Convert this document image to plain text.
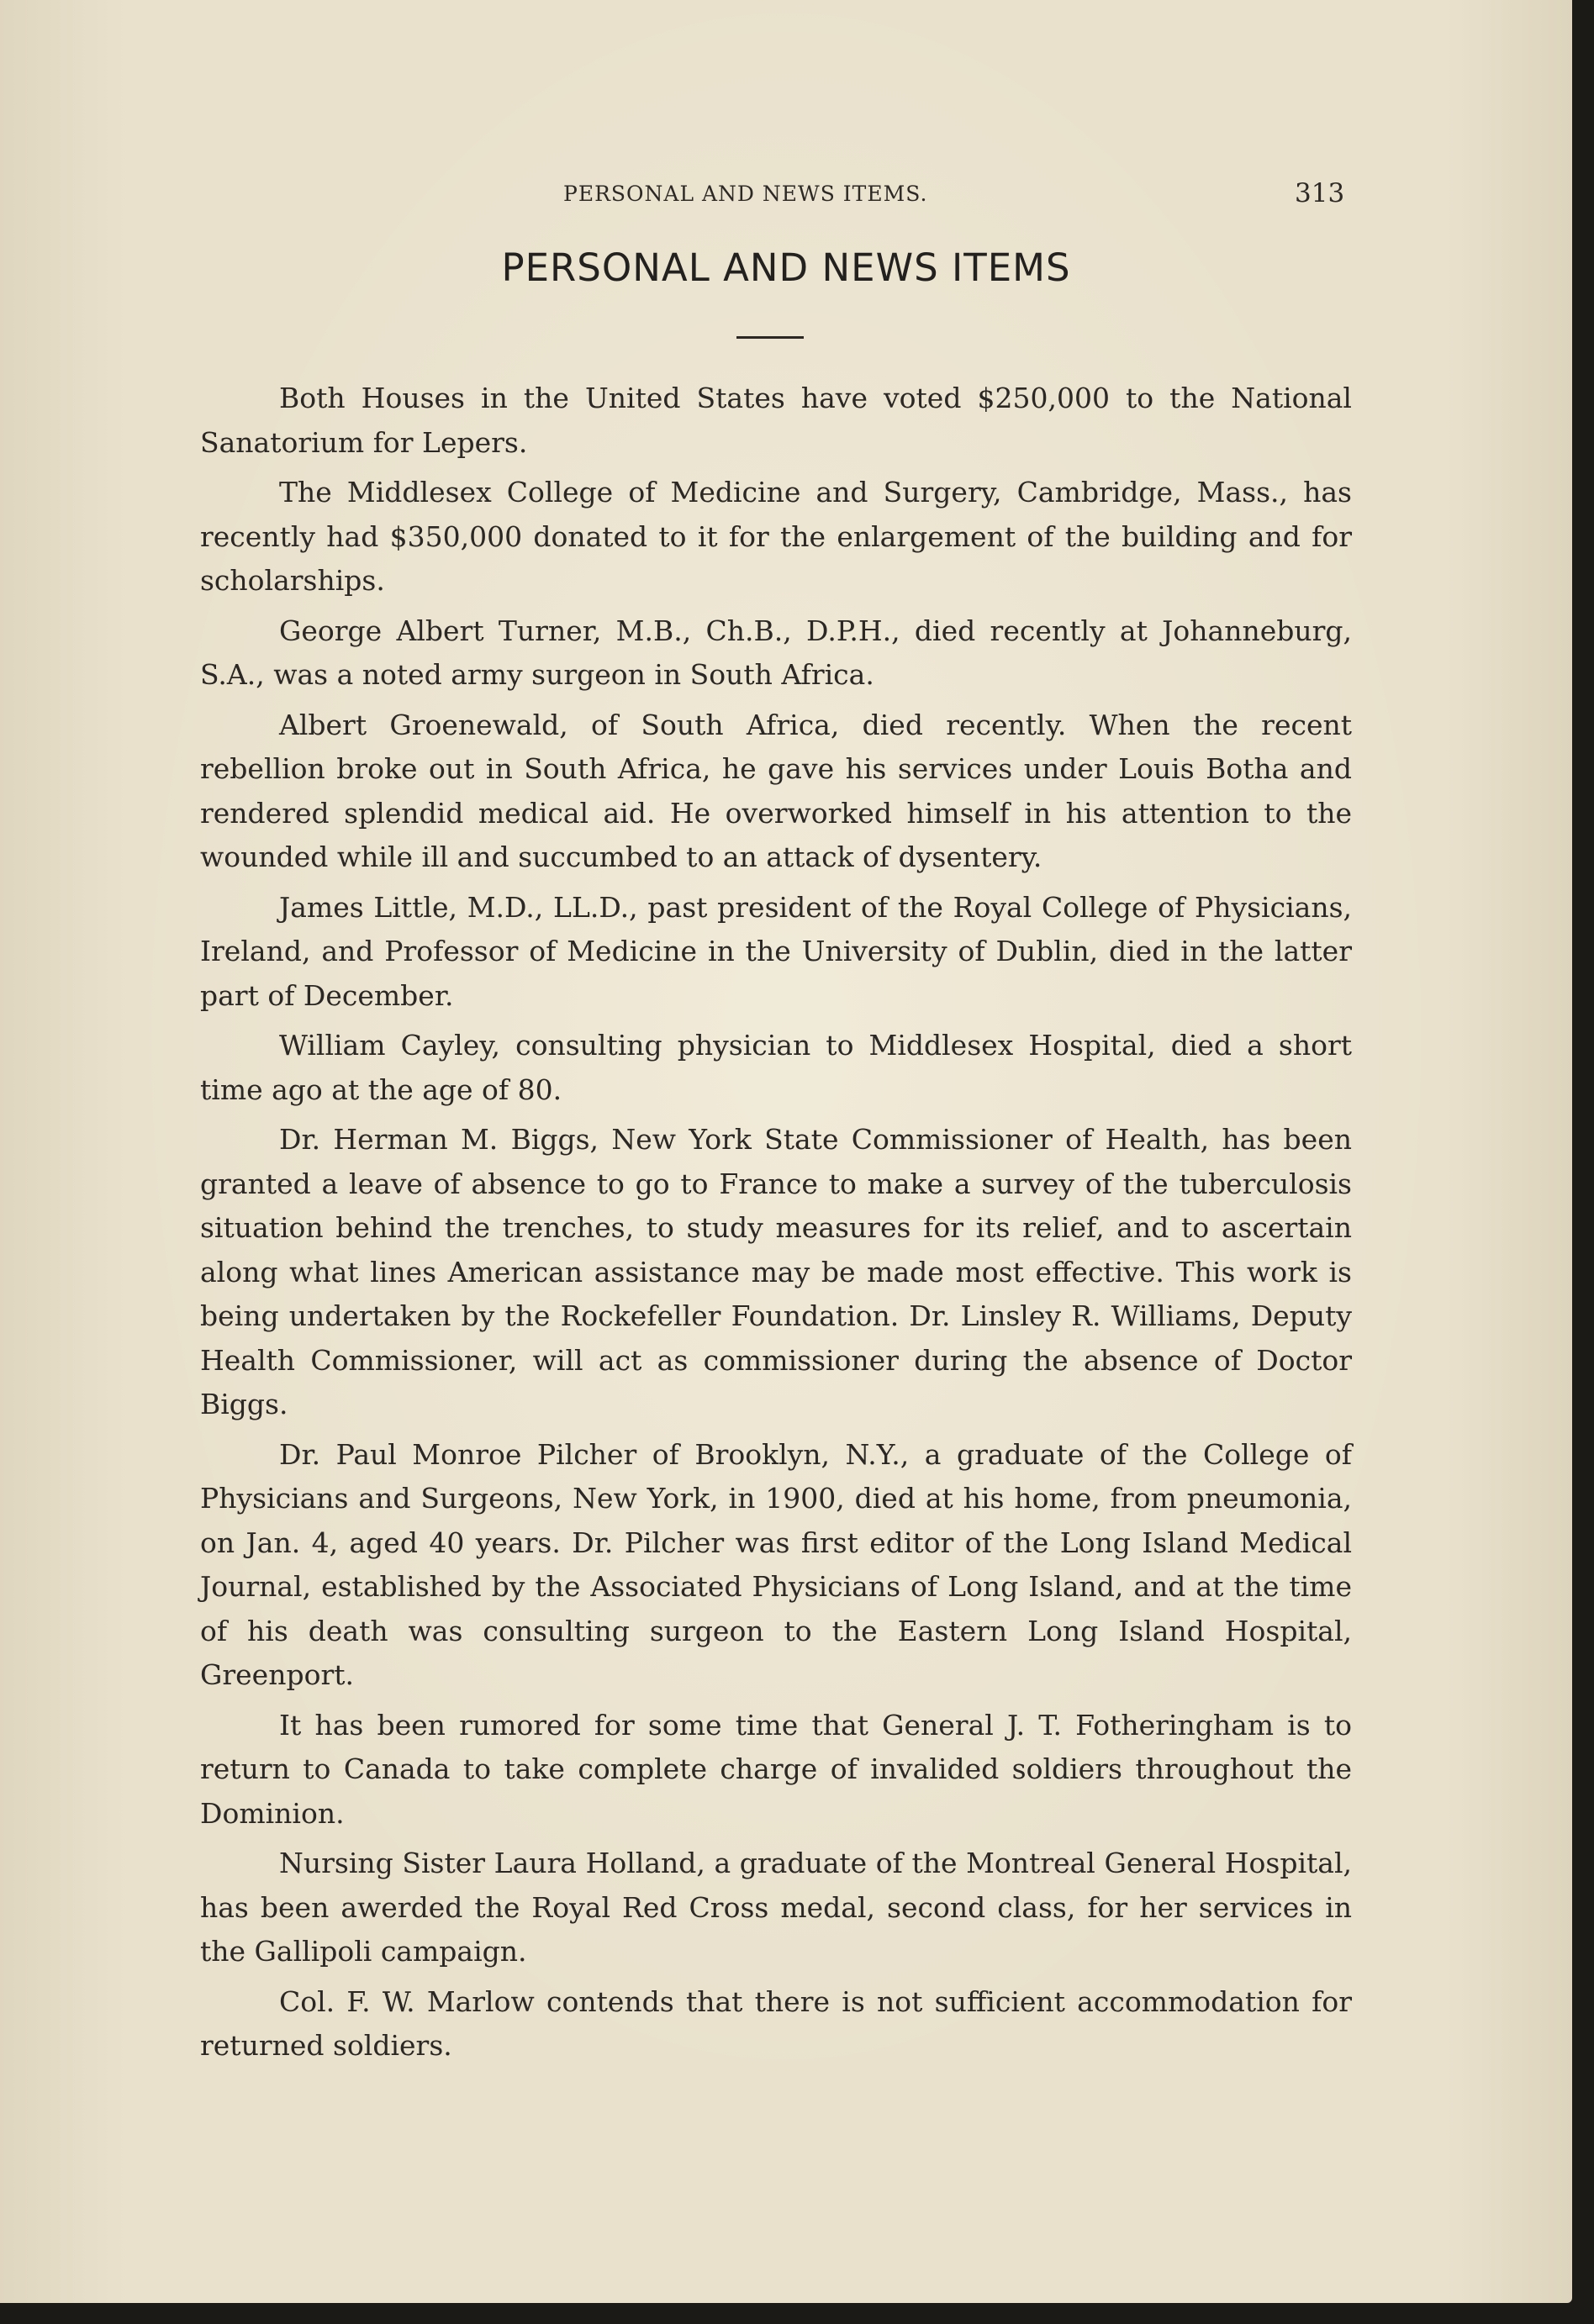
PERSONAL AND NEWS ITEMS.	313
PERSONAL AND NEWS ITEMS

Both Houses in the United States have voted $250,000 to the National Sanatorium for Lepers.

The Middlesex College of Medicine and Surgery, Cambridge, Mass., has recently had $350,000 donated to it for the enlargement of the building and for scholarships.

George Albert Turner, M.B., Ch.B., D.P.H., died recently at Johanneburg, S.A., was a noted army surgeon in South Africa.

Albert Groenewald, of South Africa, died recently. When the recent rebellion broke out in South Africa, he gave his services under Louis Botha and rendered splendid medical aid. He overworked himself in his attention to the wounded while ill and succumbed to an attack of dysentery.

James Little, M.D., LL.D., past president of the Royal College of Physicians, Ireland, and Professor of Medicine in the University of Dublin, died in the latter part of December.

William Cayley, consulting physician to Middlesex Hospital, died a short time ago at the age of 80.

Dr. Herman M. Biggs, New York State Commissioner of Health, has been granted a leave of absence to go to France to make a survey of the tuberculosis situation behind the trenches, to study measures for its relief, and to ascertain along what lines American assistance may be made most effective. This work is being undertaken by the Rockefeller Foundation. Dr. Linsley R. Williams, Deputy Health Commissioner, will act as commissioner during the absence of Doctor Biggs.

Dr. Paul Monroe Pilcher of Brooklyn, N.Y., a graduate of the College of Physicians and Surgeons, New York, in 1900, died at his home, from pneumonia, on Jan. 4, aged 40 years. Dr. Pilcher was first editor of the Long Island Medical Journal, established by the Associated Physicians of Long Island, and at the time of his death was consulting surgeon to the Eastern Long Island Hospital, Greenport.

It has been rumored for some time that General J. T. Fotheringham is to return to Canada to take complete charge of invalided soldiers throughout the Dominion.

Nursing Sister Laura Holland, a graduate of the Montreal General Hospital, has been awerded the Royal Red Cross medal, second class, for her services in the Gallipoli campaign.

Col. F. W. Marlow contends that there is not sufficient accommodation for returned soldiers.
